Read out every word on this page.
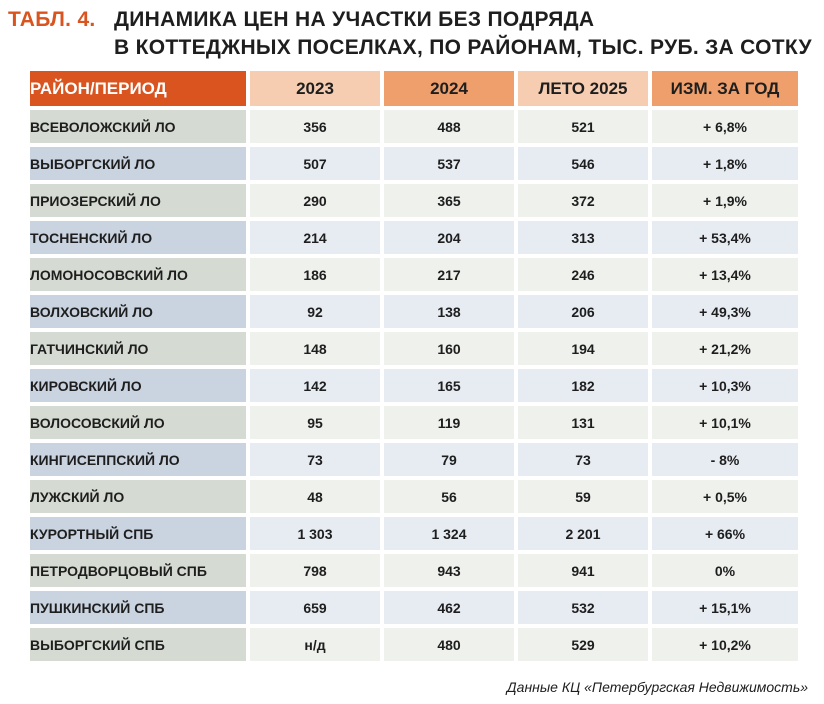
ТАБЛ. 4. ДИНАМИКА ЦЕН НА УЧАСТКИ БЕЗ ПОДРЯДА
В КОТТЕДЖНЫХ ПОСЕЛКАХ, ПО РАЙОНАМ, ТЫС. РУБ. ЗА СОТКУ
РАЙОН/ПЕРИОД	2023	2024	ЛЕТО 2025	ИЗМ. ЗА ГОД
ВСЕВОЛОЖСКИЙ ЛО	356	488	521	+ 6,8%
ВЫБОРГСКИЙ ЛО	507	537	546	+ 1,8%
ПРИОЗЕРСКИЙ ЛО	290	365	372	+ 1,9%
ТОСНЕНСКИЙ ЛО	214	204	313	+ 53,4%
ЛОМОНОСОВСКИЙ ЛО	186	217	246	+ 13,4%
ВОЛХОВСКИЙ ЛО	92	138	206	+ 49,3%
ГАТЧИНСКИЙ ЛО	148	160	194	+ 21,2%
КИРОВСКИЙ ЛО	142	165	182	+ 10,3%
ВОЛОСОВСКИЙ ЛО	95	119	131	+ 10,1%
КИНГИСЕППСКИЙ ЛО	73	79	73	- 8%
ЛУЖСКИЙ ЛО	48	56	59	+ 0,5%
КУРОРТНЫЙ СПБ	1 303	1 324	2 201	+ 66%
ПЕТРОДВОРЦОВЫЙ СПБ	798	943	941	0%
ПУШКИНСКИЙ СПБ	659	462	532	+ 15,1%
ВЫБОРГСКИЙ СПБ	н/д	480	529	+ 10,2%
Данные КЦ «Петербургская Недвижимость»
